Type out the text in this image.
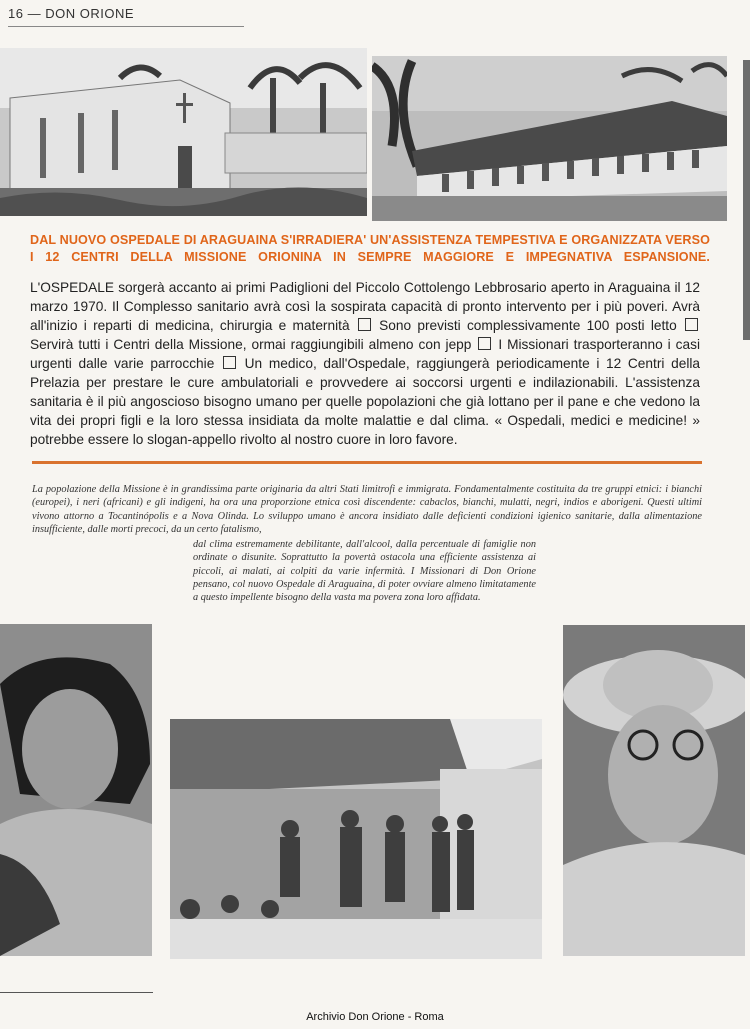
16 — DON ORIONE
DAL NUOVO OSPEDALE DI ARAGUAINA S'IRRADIERA' UN'ASSISTENZA TEMPESTIVA E ORGANIZZATA VERSO I 12 CENTRI DELLA MISSIONE ORIONINA IN SEMPRE MAGGIORE E IMPEGNATIVA ESPANSIONE.
L'OSPEDALE sorgerà accanto ai primi Padiglioni del Piccolo Cottolengo Lebbrosario aperto in Araguaina il 12 marzo 1970. Il Complesso sanitario avrà così la sospirata capacità di pronto intervento per i più poveri. Avrà all'inizio i reparti di medicina, chirurgia e maternità Sono previsti complessivamente 100 posti letto  Servirà tutti i Centri della Missione, ormai raggiungibili almeno con jepp I Missionari trasporteranno i casi urgenti dalle varie parrocchie Un medico, dall'Ospedale, raggiungerà periodicamente i 12 Centri della Prelazia per prestare le cure ambulatoriali e provvedere ai soccorsi urgenti e indilazionabili. L'assistenza sanitaria è il più angoscioso bisogno umano per quelle popolazioni che già lottano per il pane e che vedono la vita dei propri figli e la loro stessa insidiata da molte malattie e dal clima. « Ospedali, medici e medicine! » potrebbe essere lo slogan-appello rivolto al nostro cuore in loro favore.
La popolazione della Missione è in grandissima parte originaria da altri Stati limitrofi e immigrata. Fondamentalmente costituita da tre gruppi etnici: i bianchi (europei), i neri (africani) e gli indigeni, ha ora una proporzione etnica così discendente: cabaclos, bianchi, mulatti, negri, indios e aborigeni. Questi ultimi vivono attorno a Tocantinópolis e a Nova Olinda. Lo sviluppo umano è ancora insidiato dalle deficienti condizioni igienico sanitarie, dalla alimentazione insufficiente, dalle morti precoci, da un certo fatalismo,
dal clima estremamente debilitante, dall'alcool, dalla percentuale di famiglie non ordinate o disunite. Soprattutto la povertà ostacola una efficiente assistenza ai piccoli, ai malati, ai colpiti da varie infermità. I Missionari di Don Orione pensano, col nuovo Ospedale di Araguaina, di poter ovviare almeno limitatamente a questo impellente bisogno della vasta ma povera zona loro affidata.
Archivio Don Orione - Roma
